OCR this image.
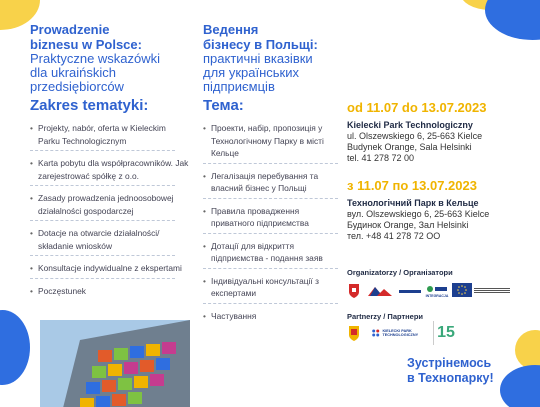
Prowadzenie
biznesu w Polsce:
Praktyczne wskazówki
dla ukraińskich
przedsiębiorców
Ведення
бізнесу в Польщі:
практичні вказівки
для українських
підприємців
Zakres tematyki:	Тема:
• Projekty, nabór, oferta w Kieleckim Parku Technologicznym
• Karta pobytu dla współpracowników. Jak zarejestrować spółkę z o.o.
• Zasady prowadzenia jednoosobowej działalności gospodarczej
• Dotacje na otwarcie działalności/ składanie wniosków
• Konsultacje indywidualne z ekspertami
• Poczęstunek
• Проекти, набір, пропозиція у Технологічному Парку в місті Кельце
• Легалізація перебування та власний бізнес у Польщі
• Правила провадження приватного підприємства
• Дотації для відкриття підприємства - подання заяв
• Індивідуальні консультації з експертами
• Частування
od 11.07 do 13.07.2023
Kielecki Park Technologiczny
ul. Olszewskiego 6, 25-663 Kielce
Budynek Orange, Sala Helsinki
tel. 41 278 72 00
з 11.07 по 13.07.2023
Технологічний Парк в Кельце
вул. Olszewskiego 6, 25-663 Kielce
Будинок Orange, Зал Helsinki
тел. +48 41 278 72 ОО
Organizatorzy / Організатори
INTEGRACJA
Partnerzy / Партнери
KIELECKI PARK TECHNOLOGICZNY	15
Зустрінемось
в Технопарку!
